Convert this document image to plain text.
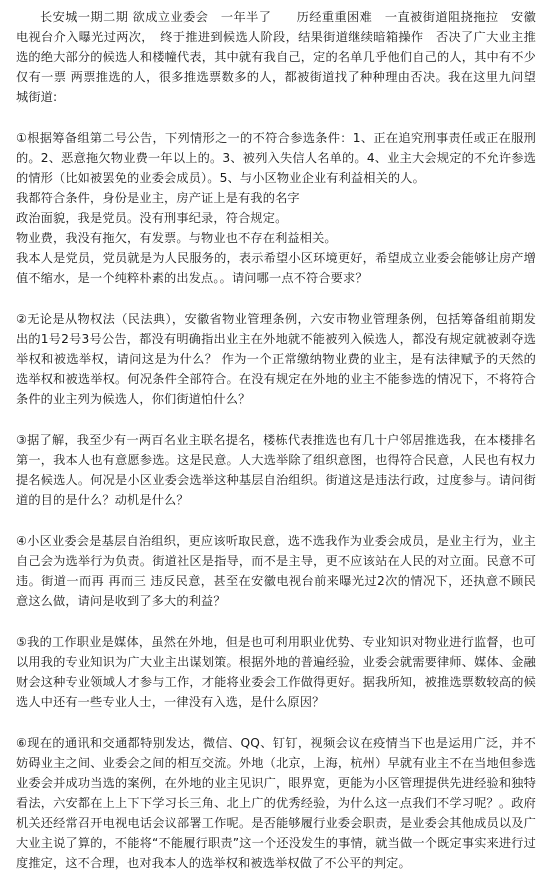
长安城一期二期 欲成立业委会　一年半了　　历经重重困难　一直被街道阻挠拖拉　安徽电视台介入曝光过两次，　终于推进到候选人阶段，结果街道继续暗箱操作　否决了广大业主推选的绝大部分的候选人和楼幢代表，其中就有我自己，定的名单几乎他们自己的人，其中有不少仅有一票 两票推选的人，很多推选票数多的人，都被街道找了种种理由否决。我在这里九问望城街道:

①根据筹备组第二号公告，下列情形之一的不符合参选条件：1、正在追究刑事责任或正在服刑的。2、恶意拖欠物业费一年以上的。3、被列入失信人名单的。4、业主大会规定的不允许参选的情形（比如被罢免的业委会成员）。5、与小区物业企业有利益相关的人。

我都符合条件，身份是业主，房产证上是有我的名字

政治面貌，我是党员。没有刑事纪录，符合规定。

物业费，我没有拖欠，有发票。与物业也不存在利益相关。

我本人是党员，党员就是为人民服务的，表示希望小区环境更好，希望成立业委会能够让房产增值不缩水，是一个纯粹朴素的出发点。。请问哪一点不符合要求？

②无论是从物权法（民法典），安徽省物业管理条例，六安市物业管理条例，包括筹备组前期发出的1号2号3号公告，都没有明确指出业主在外地就不能被列入候选人，都没有规定就被剥夺选举权和被选举权，请问这是为什么？ 作为一个正常缴纳物业费的业主，是有法律赋予的天然的选举权和被选举权。何况条件全部符合。在没有规定在外地的业主不能参选的情况下，不将符合条件的业主列为候选人，你们街道怕什么？

③据了解，我至少有一两百名业主联名提名，楼栋代表推选也有几十户邻居推选我，在本楼排名第一，我本人也有意愿参选。这是民意。人大选举除了组织意图，也得符合民意，人民也有权力提名候选人。何况是小区业委会选举这种基层自治组织。街道这是违法行政，过度参与。请问街道的目的是什么？动机是什么？

④小区业委会是基层自治组织，更应该听取民意，选不选我作为业委会成员，是业主行为，业主自己会为选举行为负责。街道社区是指导，而不是主导，更不应该站在人民的对立面。民意不可违。街道一而再 再而三 违反民意，甚至在安徽电视台前来曝光过2次的情况下，还执意不顾民意这么做，请问是收到了多大的利益？

⑤我的工作职业是媒体，虽然在外地，但是也可利用职业优势、专业知识对物业进行监督，也可以用我的专业知识为广大业主出谋划策。根据外地的普遍经验，业委会就需要律师、媒体、金融财会这种专业领域人才参与工作，才能将业委会工作做得更好。据我所知，被推选票数较高的候选人中还有一些专业人士，一律没有入选，是什么原因？

⑥现在的通讯和交通都特别发达，微信、QQ、钉钉，视频会议在疫情当下也是运用广泛，并不妨碍业主之间、业委会之间的相互交流。外地（北京，上海，杭州）早就有业主不在当地但参选业委会并成功当选的案例，在外地的业主见识广，眼界宽，更能为小区管理提供先进经验和独特看法，六安都在上上下下学习长三角、北上广的优秀经验，为什么这一点我们不学习呢？。政府机关还经常召开电视电话会议部署工作呢。是否能够履行业委会职责，是业委会其他成员以及广大业主说了算的，不能将“不能履行职责”这一个还没发生的事情，就当做一个既定事实来进行过度推定，这不合理，也对我本人的选举权和被选举权做了不公平的判定。
